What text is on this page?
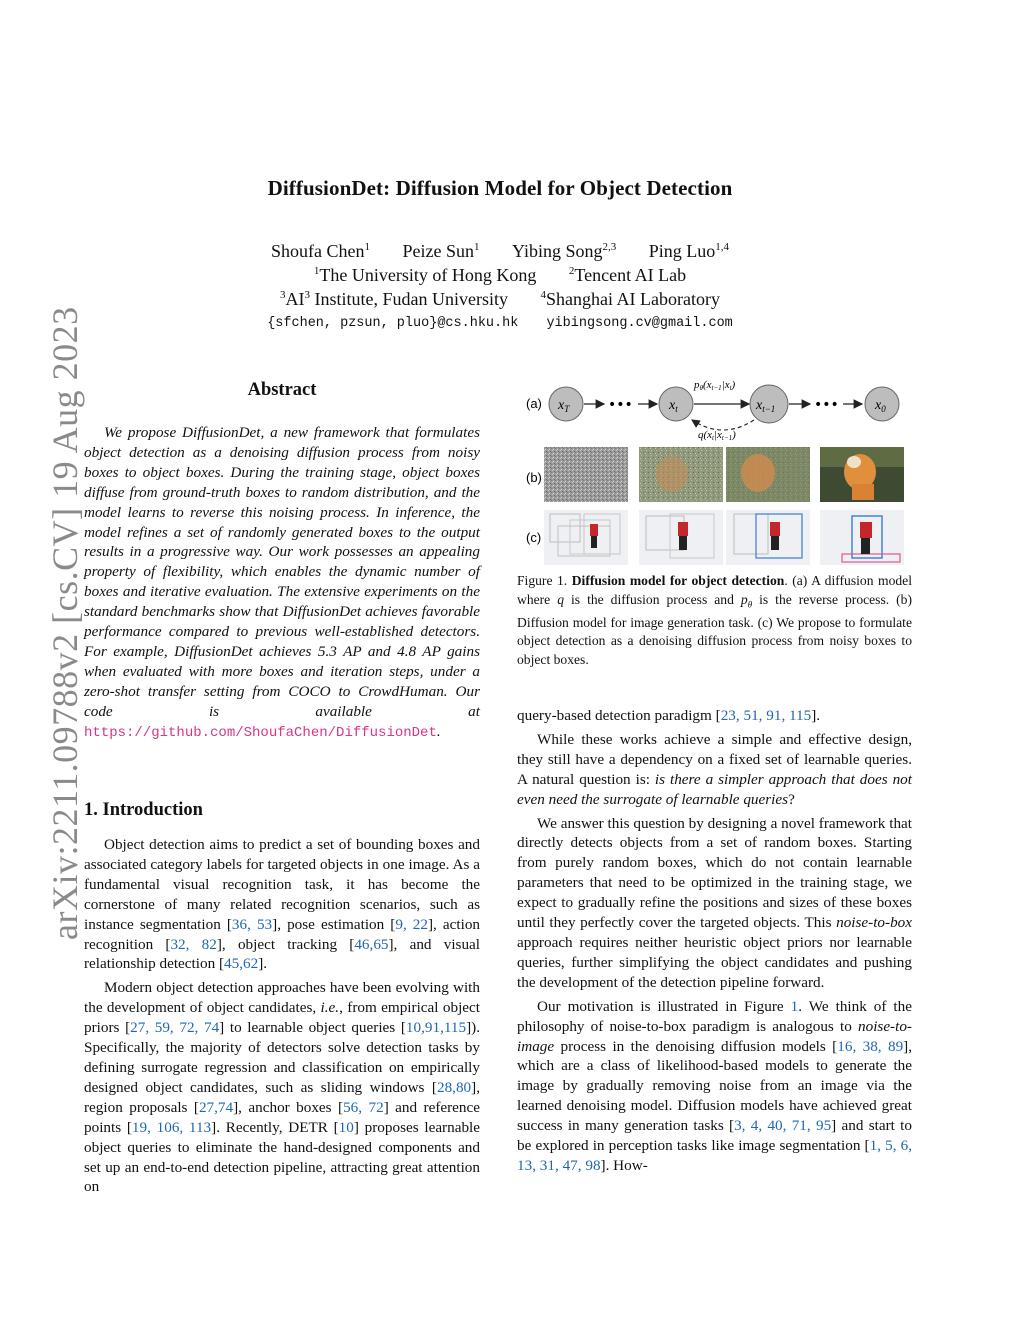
DiffusionDet: Diffusion Model for Object Detection
Shoufa Chen$^1$ Peize Sun$^1$ Yibing Song$^{2,3}$ Ping Luo$^{1,4}$
$^1$The University of Hong Kong	$^2$Tencent AI Lab
$^3AI^3$ Institute, Fudan University	$^4$Shanghai AI Laboratory
{sfchen, pzsun, pluo}@cs.hku.hk yibingsong.cv@gmail.com
arXiv:2211.09788v2 [cs.CV] 19 Aug 2023	Abstract

We propose DiffusionDet, a new framework that formulates object detection as a denoising diffusion process from noisy boxes to object boxes. During the training stage, object boxes diffuse from ground-truth boxes to random distribution, and the model learns to reverse this noising process. In inference, the model refines a set of randomly generated boxes to the output results in a progressive way. Our work possesses an appealing property of flexibility, which enables the dynamic number of boxes and iterative evaluation. The extensive experiments on the standard benchmarks show that DiffusionDet achieves favorable performance compared to previous well-established detectors. For example, DiffusionDet achieves 5.3 AP and 4.8 AP gains when evaluated with more boxes and iteration steps, under a zero-shot transfer setting from COCO to CrowdHuman. Our code is available at https://github.com/ShoufaChen/DiffusionDet.

1. Introduction

Object detection aims to predict a set of bounding boxes and associated category labels for targeted objects in one image. As a fundamental visual recognition task, it has become the cornerstone of many related recognition scenarios, such as instance segmentation [36, 53], pose estimation [9, 22], action recognition [32, 82], object tracking [46,65], and visual relationship detection [45,62].

Modern object detection approaches have been evolving with the development of object candidates, i.e., from empirical object priors [27, 59, 72, 74] to learnable object queries [10,91,115]). Specifically, the majority of detectors solve detection tasks by defining surrogate regression and classification on empirically designed object candidates, such as sliding windows [28,80], region proposals [27,74], anchor boxes [56, 72] and reference points [19, 106, 113]. Recently, DETR [10] proposes learnable object queries to eliminate the hand-designed components and set up an end-to-end detection pipeline, attracting great attention on

(a) $x_T$	•••	$x_t$	$x_{t-1}$	•••	$x_0$
pθ(xt−1|xt)
q(xt|xt−1)
(b)
(c)
Figure 1. Diffusion model for object detection. (a) A diffusion model where q is the diffusion process and $p_\theta$ is the reverse process. (b) Diffusion model for image generation task. (c) We propose to formulate object detection as a denoising diffusion process from noisy boxes to object boxes.

query-based detection paradigm [23, 51, 91, 115].

While these works achieve a simple and effective design, they still have a dependency on a fixed set of learnable queries. A natural question is: is there a simpler approach that does not even need the surrogate of learnable queries?

We answer this question by designing a novel framework that directly detects objects from a set of random boxes. Starting from purely random boxes, which do not contain learnable parameters that need to be optimized in the training stage, we expect to gradually refine the positions and sizes of these boxes until they perfectly cover the targeted objects. This noise-to-box approach requires neither heuristic object priors nor learnable queries, further simplifying the object candidates and pushing the development of the detection pipeline forward.

Our motivation is illustrated in Figure 1. We think of the philosophy of noise-to-box paradigm is analogous to noise-to-image process in the denoising diffusion models [16, 38, 89], which are a class of likelihood-based models to generate the image by gradually removing noise from an image via the learned denoising model. Diffusion models have achieved great success in many generation tasks [3, 4, 40, 71, 95] and start to be explored in perception tasks like image segmentation [1, 5, 6, 13, 31, 47, 98]. How-
